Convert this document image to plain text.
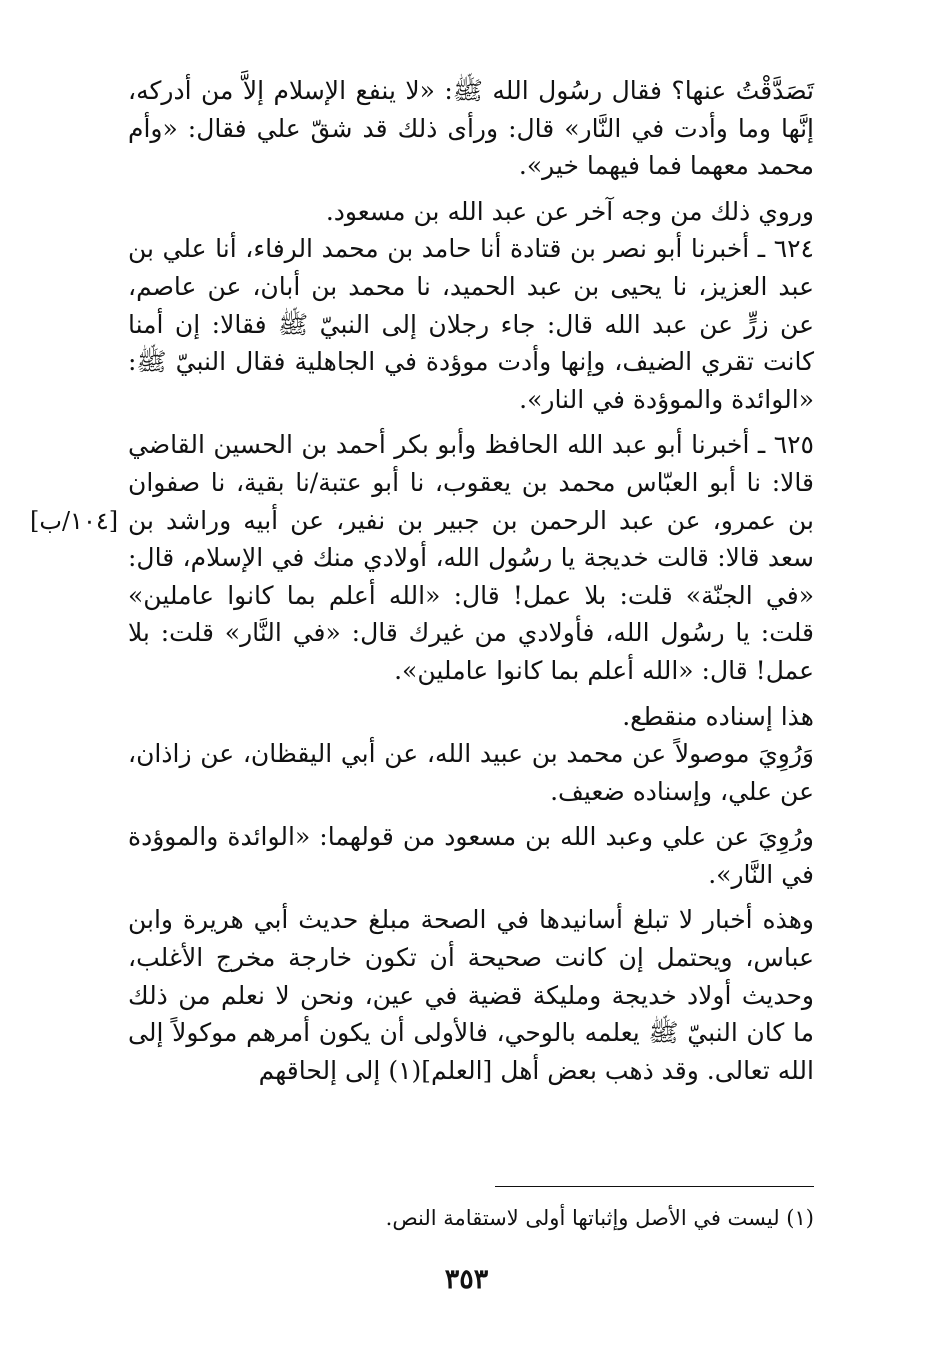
تَصَدَّقْتُ عنها؟ فقال رسُول الله ﷺ: «لا ينفع الإسلام إلاَّ من أدركه، إنَّها وما وأدت في النَّار» قال: ورأى ذلك قد شقّ علي فقال: «وأم محمد معهما فما فيهما خير».

وروي ذلك من وجه آخر عن عبد الله بن مسعود.

٦٢٤ ـ أخبرنا أبو نصر بن قتادة أنا حامد بن محمد الرفاء، أنا علي بن عبد العزيز، نا يحيى بن عبد الحميد، نا محمد بن أبان، عن عاصم، عن زرٍّ عن عبد الله قال: جاء رجلان إلى النبيّ ﷺ فقالا: إن أمنا كانت تقري الضيف، وإنها وأدت موؤدة في الجاهلية فقال النبيّ ﷺ: «الوائدة والموؤدة في النار».

٦٢٥ ـ أخبرنا أبو عبد الله الحافظ وأبو بكر أحمد بن الحسين القاضي قالا: نا أبو العبّاس محمد بن يعقوب، نا أبو عتبة/نا بقية، نا صفوان بن عمرو، عن عبد الرحمن بن جبير بن نفير، عن أبيه وراشد بن سعد قالا: قالت خديجة يا رسُول الله، أولادي منك في الإسلام، قال: «في الجنّة» قلت: بلا عمل! قال: «الله أعلم بما كانوا عاملين» قلت: يا رسُول الله، فأولادي من غيرك قال: «في النَّار» قلت: بلا عمل! قال: «الله أعلم بما كانوا عاملين».

هذا إسناده منقطع.

وَرُوِيَ موصولاً عن محمد بن عبيد الله، عن أبي اليقظان، عن زاذان، عن علي، وإسناده ضعيف.

ورُوِيَ عن علي وعبد الله بن مسعود من قولهما: «الوائدة والموؤدة في النَّار».

وهذه أخبار لا تبلغ أسانيدها في الصحة مبلغ حديث أبي هريرة وابن عباس، ويحتمل إن كانت صحيحة أن تكون خارجة مخرج الأغلب، وحديث أولاد خديجة ومليكة قضية في عين، ونحن لا نعلم من ذلك ما كان النبيّ ﷺ يعلمه بالوحي، فالأولى أن يكون أمرهم موكولاً إلى الله تعالى. وقد ذهب بعض أهل [العلم](١) إلى إلحاقهم

[١٠٤/ب]
(١) ليست في الأصل وإثباتها أولى لاستقامة النص.
٣٥٣
